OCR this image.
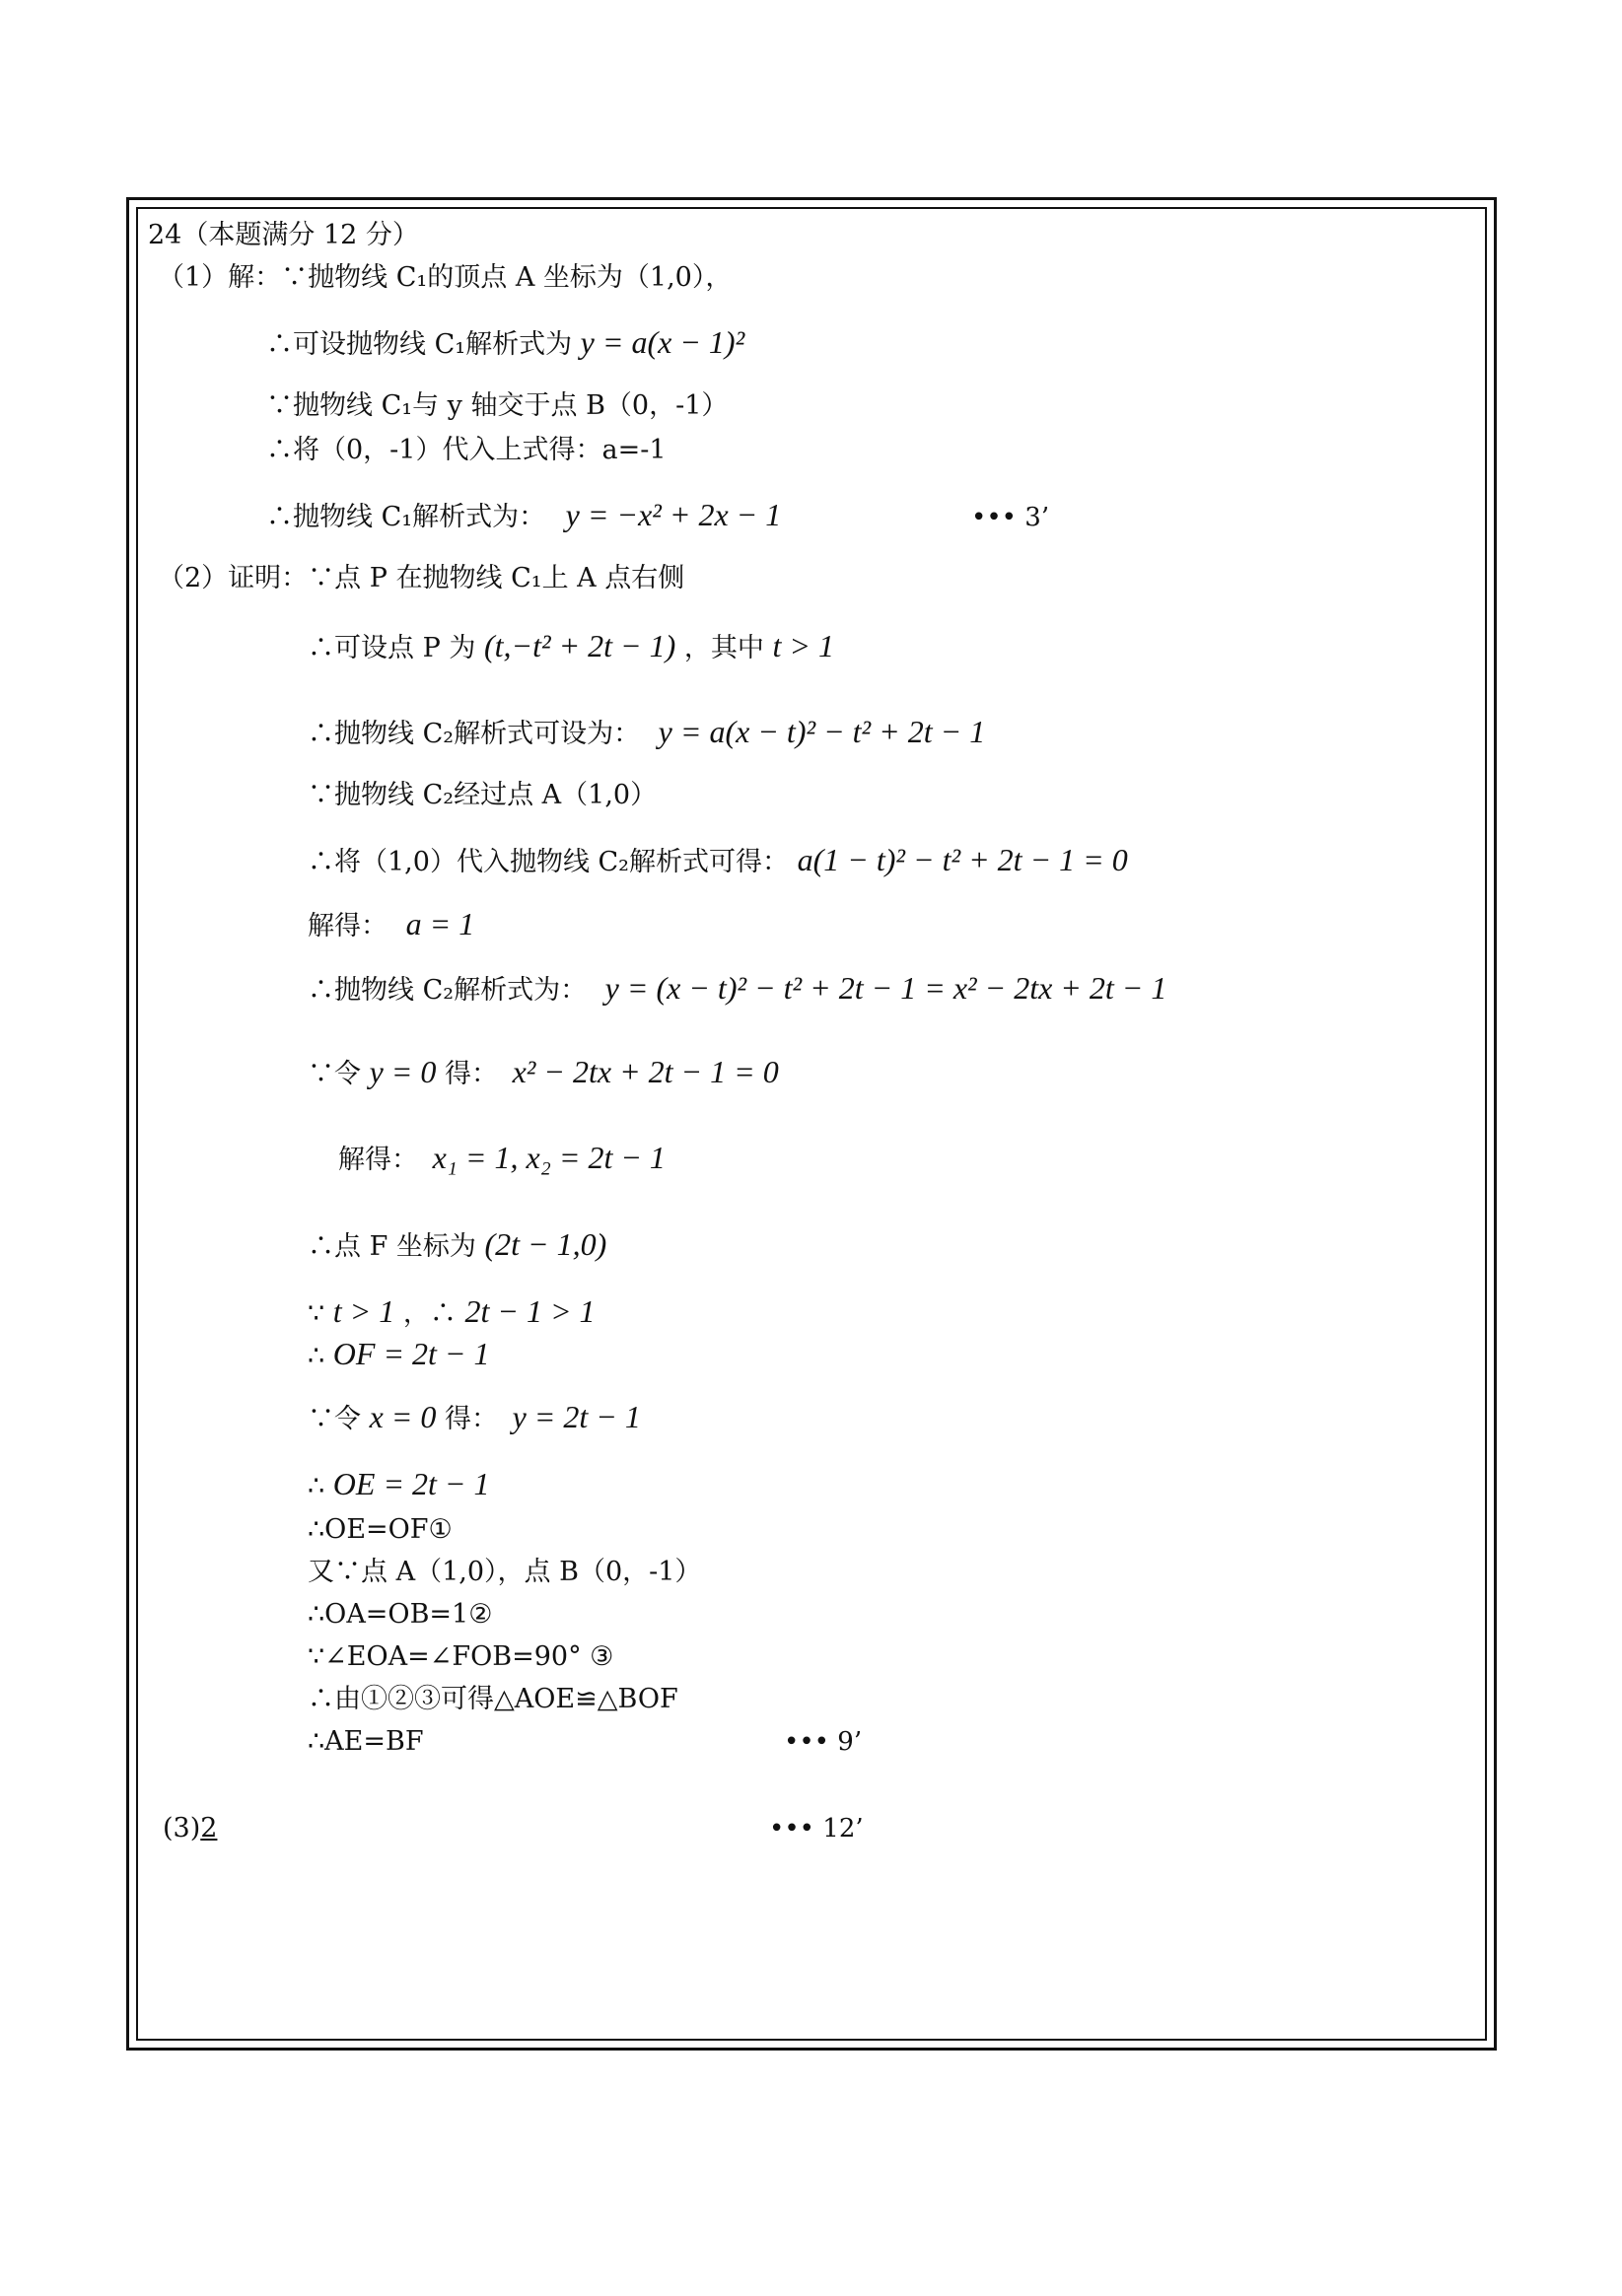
24（本题满分 12 分）
（1）解：∵抛物线 C₁的顶点 A 坐标为（1,0），
∴可设抛物线 C₁解析式为 y = a(x − 1)²
∵抛物线 C₁与 y 轴交于点 B（0，-1）
∴将（0，-1）代入上式得：a=-1
∴抛物线 C₁解析式为： y = −x² + 2x − 1	••• 3’
（2）证明：∵点 P 在抛物线 C₁上 A 点右侧
∴可设点 P 为 (t,−t² + 2t − 1) ，其中 t > 1
∴抛物线 C₂解析式可设为： y = a(x − t)² − t² + 2t − 1
∵抛物线 C₂经过点 A（1,0）
∴将（1,0）代入抛物线 C₂解析式可得： a(1 − t)² − t² + 2t − 1 = 0
解得： a = 1
∴抛物线 C₂解析式为： y = (x − t)² − t² + 2t − 1 = x² − 2tx + 2t − 1
∵令 y = 0 得： x² − 2tx + 2t − 1 = 0
解得： x₁ = 1, x₂ = 2t − 1
∴点 F 坐标为 (2t − 1,0)
∵ t > 1 ，∴ 2t − 1 > 1
∴ OF = 2t − 1
∵令 x = 0 得： y = 2t − 1
∴ OE = 2t − 1
∴OE=OF①
又∵点 A（1,0），点 B（0，-1）
∴OA=OB=1②
∵∠EOA=∠FOB=90° ③
∴由①②③可得△AOE≌△BOF
∴AE=BF	••• 9’
(3)2	••• 12’
